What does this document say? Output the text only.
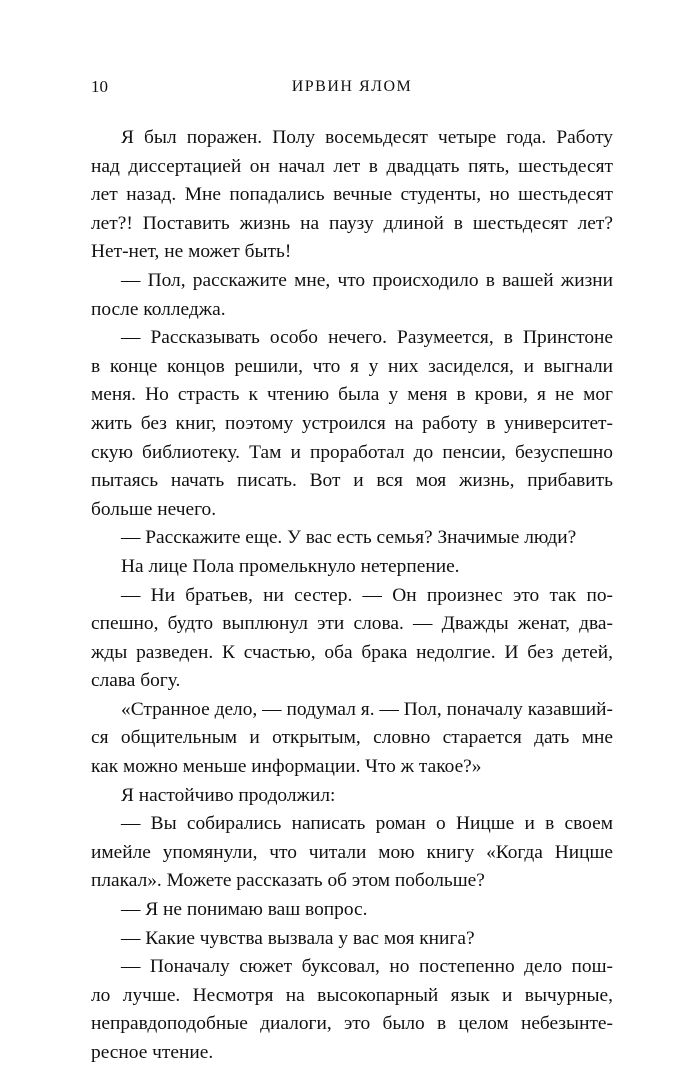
10	ИРВИН ЯЛОМ
Я был поражен. Полу восемьдесят четыре года. Работу
над диссертацией он начал лет в двадцать пять, шестьдесят
лет назад. Мне попадались вечные студенты, но шестьдесят
лет?! Поставить жизнь на паузу длиной в шестьдесят лет?
Нет-нет, не может быть!
— Пол, расскажите мне, что происходило в вашей жизни
после колледжа.
— Рассказывать особо нечего. Разумеется, в Принстоне
в конце концов решили, что я у них засиделся, и выгнали
меня. Но страсть к чтению была у меня в крови, я не мог
жить без книг, поэтому устроился на работу в университет-
скую библиотеку. Там и проработал до пенсии, безуспешно
пытаясь начать писать. Вот и вся моя жизнь, прибавить
больше нечего.
— Расскажите еще. У вас есть семья? Значимые люди?
На лице Пола промелькнуло нетерпение.
— Ни братьев, ни сестер. — Он произнес это так по-
спешно, будто выплюнул эти слова. — Дважды женат, два-
жды разведен. К счастью, оба брака недолгие. И без детей,
слава богу.
«Странное дело, — подумал я. — Пол, поначалу казавший-
ся общительным и открытым, словно старается дать мне
как можно меньше информации. Что ж такое?»
Я настойчиво продолжил:
— Вы собирались написать роман о Ницше и в своем
имейле упомянули, что читали мою книгу «Когда Ницше
плакал». Можете рассказать об этом побольше?
— Я не понимаю ваш вопрос.
— Какие чувства вызвала у вас моя книга?
— Поначалу сюжет буксовал, но постепенно дело пош-
ло лучше. Несмотря на высокопарный язык и вычурные,
неправдоподобные диалоги, это было в целом небезынте-
ресное чтение.
